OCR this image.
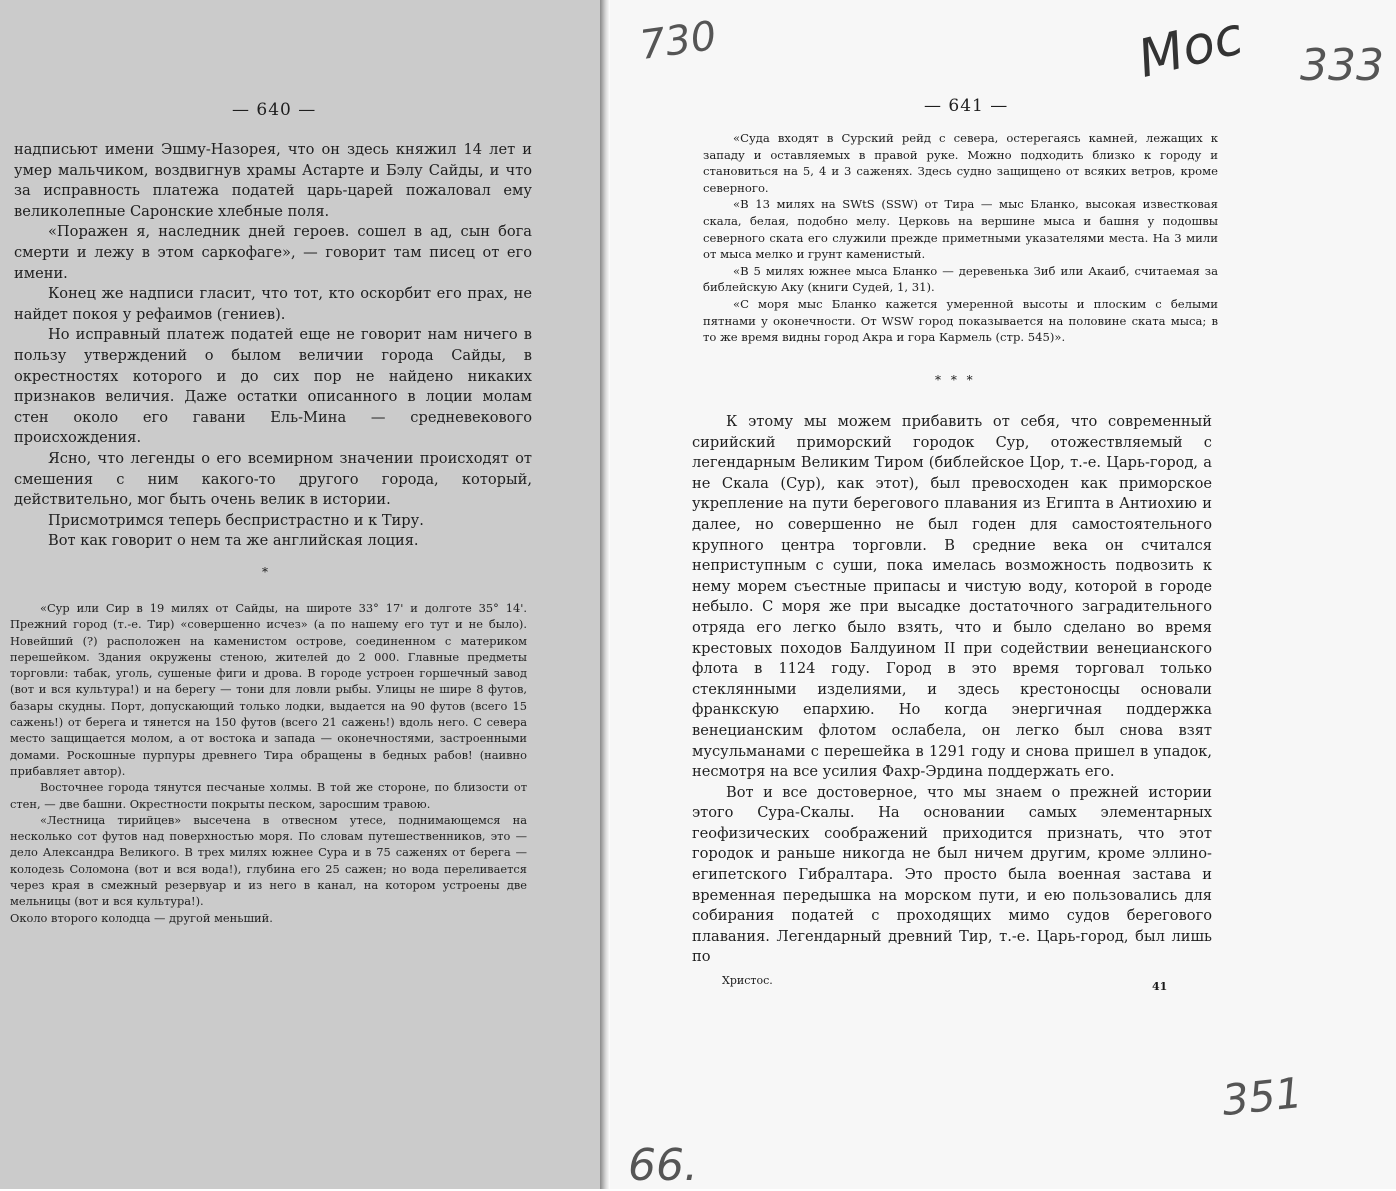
— 640 —

надписьют имени Эшму-Назорея, что он здесь княжил 14 лет и умер мальчиком, воздвигнув храмы Астарте и Бэлу Сайды, и что за исправность платежа податей царь-царей пожаловал ему великолепные Саронские хлебные поля.

«Поражен я, наследник дней героев. сошел в ад, сын бога смерти и лежу в этом саркофаге», — говорит там писец от его имени.

Конец же надписи гласит, что тот, кто оскорбит его прах, не найдет покоя у рефаимов (гениев).

Но исправный платеж податей еще не говорит нам ничего в пользу утверждений о былом величии города Сайды, в окрестностях которого и до сих пор не найдено никаких признаков величия. Даже остатки описанного в лоции молам стен около его гавани Ель-Мина — средневекового происхождения.

Ясно, что легенды о его всемирном значении происходят от смешения с ним какого-то другого города, который, действительно, мог быть очень велик в истории.

Присмотримся теперь беспристрастно и к Тиру.

Вот как говорит о нем та же английская лоция.

*

«Сур или Сир в 19 милях от Сайды, на широте 33° 17' и долготе 35° 14'. Прежний город (т.-е. Тир) «совершенно исчез» (а по нашему его тут и не было). Новейший (?) расположен на каменистом острове, соединенном с материком перешейком. Здания окружены стеною, жителей до 2 000. Главные предметы торговли: табак, уголь, сушеные фиги и дрова. В городе устроен горшечный завод (вот и вся культура!) и на берегу — тони для ловли рыбы. Улицы не шире 8 футов, базары скудны. Порт, допускающий только лодки, выдается на 90 футов (всего 15 сажень!) от берега и тянется на 150 футов (всего 21 сажень!) вдоль него. С севера место защищается молом, а от востока и запада — оконечностями, застроенными домами. Роскошные пурпуры древнего Тира обращены в бедных рабов! (наивно прибавляет автор).

Восточнее города тянутся песчаные холмы. В той же стороне, по близости от стен, — две башни. Окрестности покрыты песком, заросшим травою.

«Лестница тирийцев» высечена в отвесном утесе, поднимающемся на несколько сот футов над поверхностью моря. По словам путешественников, это — дело Александра Великого. В трех милях южнее Сура и в 75 саженях от берега — колодезь Соломона (вот и вся вода!), глубина его 25 сажен; но вода переливается через края в смежный резервуар и из него в канал, на котором устроены две мельницы (вот и вся культура!).

Около второго колодца — другой меньший.

— 641 —

«Суда входят в Сурский рейд с севера, остерегаясь камней, лежащих к западу и оставляемых в правой руке. Можно подходить близко к городу и становиться на 5, 4 и 3 саженях. Здесь судно защищено от всяких ветров, кроме северного.

«В 13 милях на SWtS (SSW) от Тира — мыс Бланко, высокая известковая скала, белая, подобно мелу. Церковь на вершине мыса и башня у подошвы северного ската его служили прежде приметными указателями места. На 3 мили от мыса мелко и грунт каменистый.

«В 5 милях южнее мыса Бланко — деревенька Зиб или Акаиб, считаемая за библейскую Аку (книги Судей, 1, 31).

«С моря мыс Бланко кажется умеренной высоты и плоским с белыми пятнами у оконечности. От WSW город показывается на половине ската мыса; в то же время видны город Акра и гора Кармель (стр. 545)».

* * *

К этому мы можем прибавить от себя, что современный сирийский приморский городок Сур, отожествляемый с легендарным Великим Тиром (библейское Цор, т.-е. Царь-город, а не Скала (Сур), как этот), был превосходен как приморское укрепление на пути берегового плавания из Египта в Антиохию и далее, но совершенно не был годен для самостоятельного крупного центра торговли. В средние века он считался неприступным с суши, пока имелась возможность подвозить к нему морем съестные припасы и чистую воду, которой в городе небыло. С моря же при высадке достаточного заградительного отряда его легко было взять, что и было сделано во время крестовых походов Балдуином II при содействии венецианского флота в 1124 году. Город в это время торговал только стеклянными изделиями, и здесь крестоносцы основали франкскую епархию. Но когда энергичная поддержка венецианским флотом ослабела, он легко был снова взят мусульманами с перешейка в 1291 году и снова пришел в упадок, несмотря на все усилия Фахр-Эрдина поддержать его.

Вот и все достоверное, что мы знаем о прежней истории этого Сура-Скалы. На основании самых элементарных геофизических соображений приходится признать, что этот городок и раньше никогда не был ничем другим, кроме эллино-египетского Гибралтара. Это просто была военная застава и временная передышка на морском пути, и ею пользовались для собирания податей с проходящих мимо судов берегового плавания. Легендарный древний Тир, т.-е. Царь-город, был лишь по

Христос.	41
730	Мос 333
351
66.
